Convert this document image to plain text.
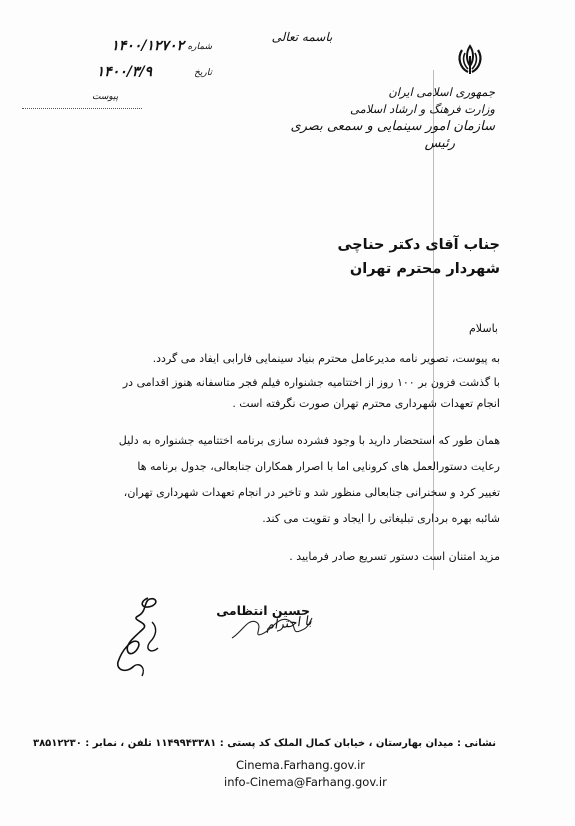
باسمه تعالی
جمهوری اسلامی ایران
وزارت فرهنگ و ارشاد اسلامی
سازمان امور سینمایی و سمعی بصری
رئیس
۱۴۰۰/۱۲۷۰۲ شماره
۱۴۰۰/۳/۹	تاریخ
پیوست
جناب آقای دکتر حناچی
شهردار محترم تهران
باسلام
به پیوست، تصویر نامه مدیرعامل محترم بنیاد سینمایی فارابی ایفاد می گردد.
با گذشت فزون بر ۱۰۰ روز از اختتامیه جشنواره فیلم فجر متاسفانه هنوز اقدامی در
انجام تعهدات شهرداری محترم تهران صورت نگرفته است .
همان طور که استحضار دارید با وجود فشرده سازی برنامه اختتامیه جشنواره به دلیل
رعایت دستورالعمل های کرونایی اما با اصرار همکاران جنابعالی، جدول برنامه ها
تغییر کرد و سخنرانی جنابعالی منظور شد و تاخیر در انجام تعهدات شهرداری تهران،
شائبه بهره برداری تبلیغاتی را ایجاد و تقویت می کند.
مزید امتنان است دستور تسریع صادر فرمایید .
حسین انتظامی
با احترام
نشانی : میدان بهارستان ، خیابان کمال الملک کد پستی : ۱۱۴۹۹۴۳۳۸۱ تلفن ، نمابر : ۳۸۵۱۲۲۳۰
Cinema.Farhang.gov.ir
info-Cinema@Farhang.gov.ir
